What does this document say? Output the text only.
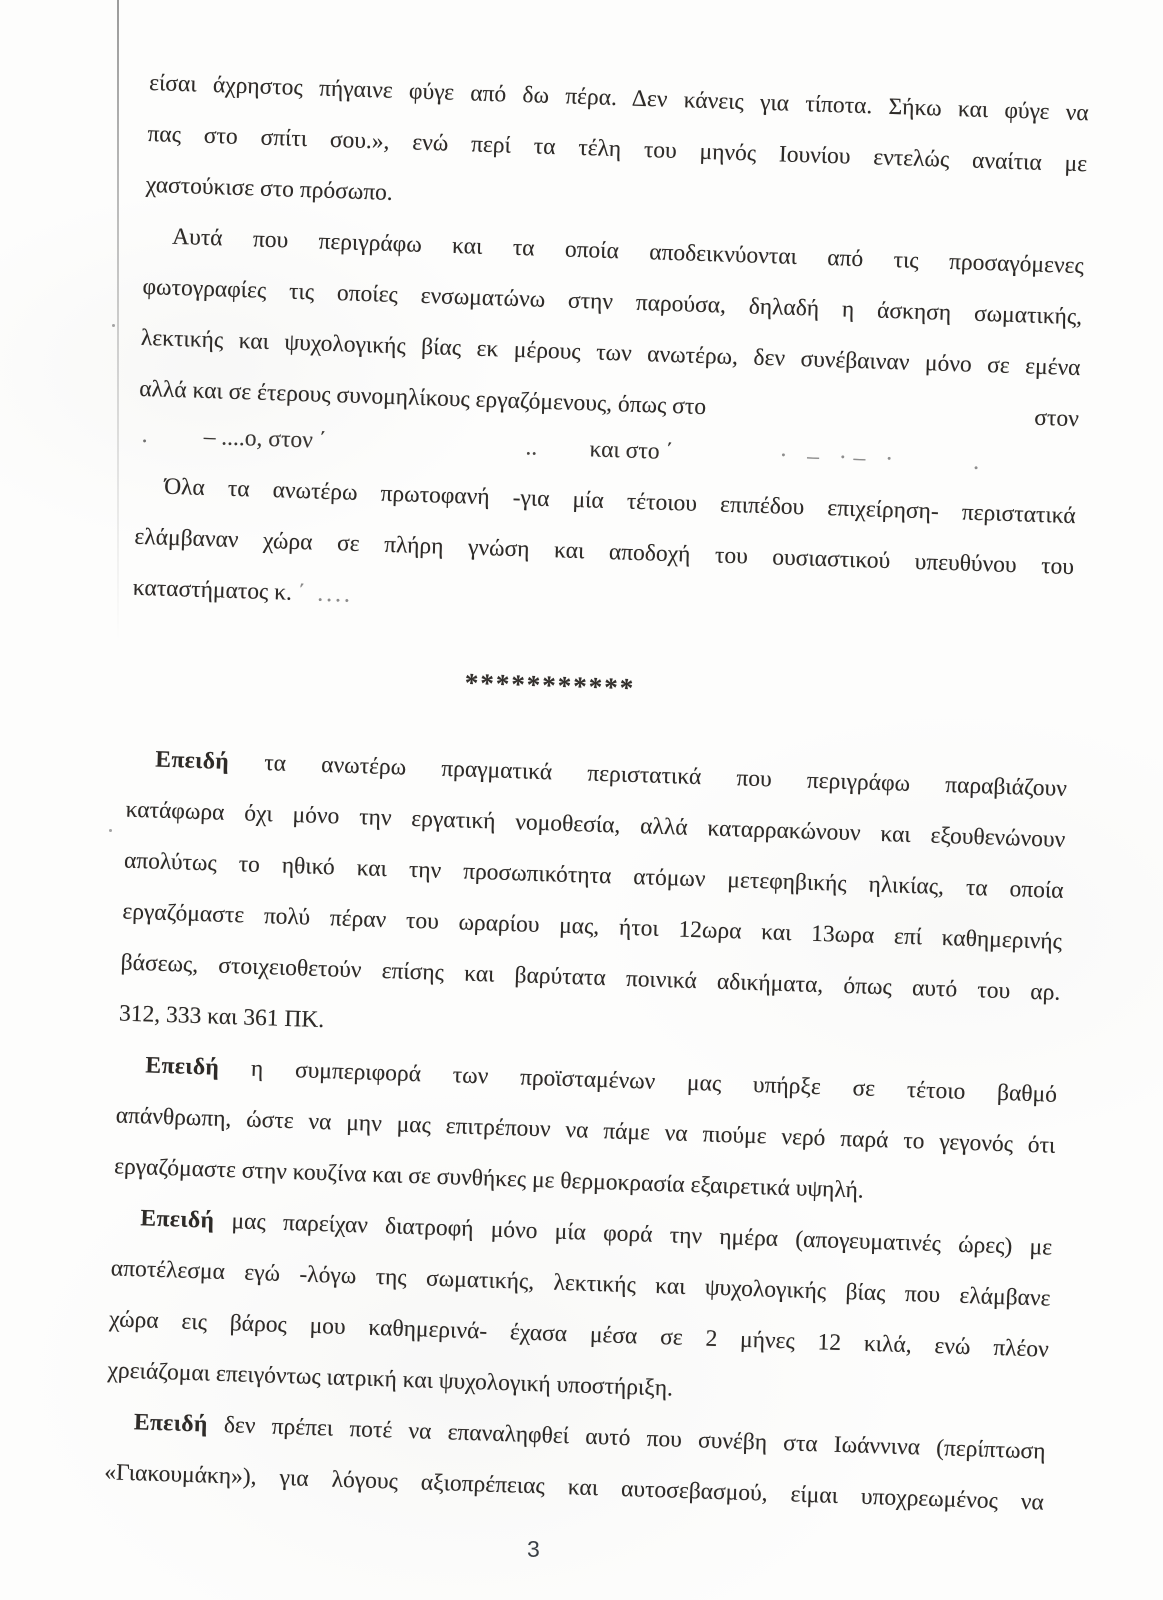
είσαι άχρηστος πήγαινε φύγε από δω πέρα. Δεν κάνεις για τίποτα. Σήκω και φύγε να
πας στο σπίτι σου.», ενώ περί τα τέλη του μηνός Ιουνίου εντελώς αναίτια με
χαστούκισε στο πρόσωπο.
Αυτά που περιγράφω και τα οποία αποδεικνύονται από τις προσαγόμενες
φωτογραφίες τις οποίες ενσωματώνω στην παρούσα, δηλαδή η άσκηση σωματικής,
λεκτικής και ψυχολογικής βίας εκ μέρους των ανωτέρω, δεν συνέβαιναν μόνο σε εμένα
αλλά και σε έτερους συνομηλίκους εργαζόμενους, όπως στο	στον
. – ....ο, στον ΄	.. και στο ΄	· – ·– ·	.
Όλα τα ανωτέρω πρωτοφανή -για μία τέτοιου επιπέδου επιχείρηση- περιστατικά
ελάμβαναν χώρα σε πλήρη γνώση και αποδοχή του ουσιαστικού υπευθύνου του
καταστήματος κ. ΄ ....
***********
Επειδή τα ανωτέρω πραγματικά περιστατικά που περιγράφω παραβιάζουν
κατάφωρα όχι μόνο την εργατική νομοθεσία, αλλά καταρρακώνουν και εξουθενώνουν
απολύτως το ηθικό και την προσωπικότητα ατόμων μετεφηβικής ηλικίας, τα οποία
εργαζόμαστε πολύ πέραν του ωραρίου μας, ήτοι 12ωρα και 13ωρα επί καθημερινής
βάσεως, στοιχειοθετούν επίσης και βαρύτατα ποινικά αδικήματα, όπως αυτό του αρ.
312, 333 και 361 ΠΚ.
Επειδή η συμπεριφορά των προϊσταμένων μας υπήρξε σε τέτοιο βαθμό
απάνθρωπη, ώστε να μην μας επιτρέπουν να πάμε να πιούμε νερό παρά το γεγονός ότι
εργαζόμαστε στην κουζίνα και σε συνθήκες με θερμοκρασία εξαιρετικά υψηλή.
Επειδή μας παρείχαν διατροφή μόνο μία φορά την ημέρα (απογευματινές ώρες) με
αποτέλεσμα εγώ -λόγω της σωματικής, λεκτικής και ψυχολογικής βίας που ελάμβανε
χώρα εις βάρος μου καθημερινά- έχασα μέσα σε 2 μήνες 12 κιλά, ενώ πλέον
χρειάζομαι επειγόντως ιατρική και ψυχολογική υποστήριξη.
Επειδή δεν πρέπει ποτέ να επαναληφθεί αυτό που συνέβη στα Ιωάννινα (περίπτωση
«Γιακουμάκη»), για λόγους αξιοπρέπειας και αυτοσεβασμού, είμαι υποχρεωμένος να
3
